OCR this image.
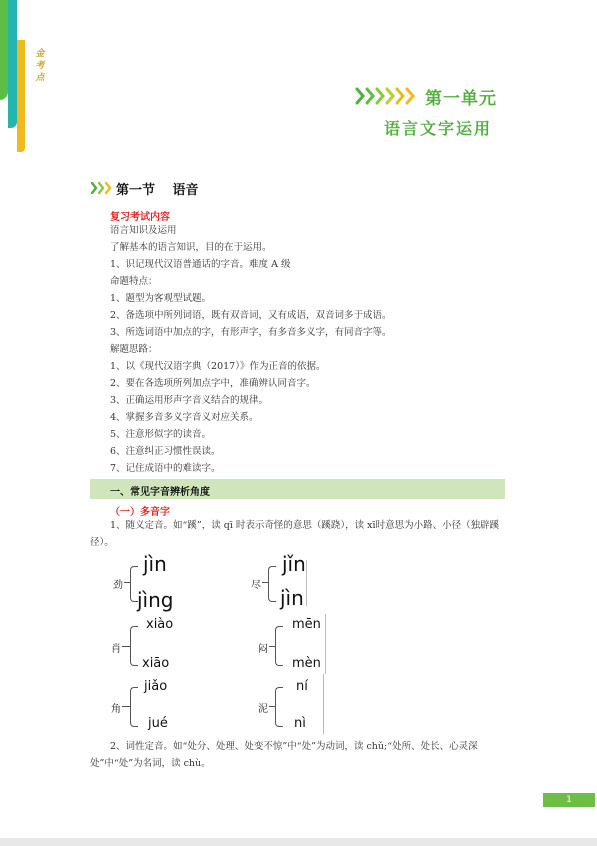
金考点
第一单元
语言文字运用
第一节　 语音
复习考试内容
语言知识及运用
了解基本的语言知识，目的在于运用。
1、识记现代汉语普通话的字音。难度 A 级
命题特点：
1、题型为客观型试题。
2、备选项中所列词语，既有双音词，又有成语，双音词多于成语。
3、所选词语中加点的字，有形声字，有多音多义字，有同音字等。
解题思路：
1、以《现代汉语字典（2017）》作为正音的依据。
2、要在各选项所列加点字中，准确辨认同音字。
3、正确运用形声字音义结合的规律。
4、掌握多音多义字音义对应关系。
5、注意形似字的读音。
6、注意纠正习惯性误读。
7、记住成语中的难读字。
一、常见字音辨析角度
（一）多音字
1、随义定音。如“蹊”，读 qī 时表示奇怪的意思（蹊跷），读 xī时意思为小路、小径（独辟蹊径）。
劲
jìn
jìng
尽
jǐn
jìn
肖
xiào
xiāo
闷
mēn
mèn
角
jiǎo
jué
泥
ní
nì
2、词性定音。如“处分、处理、处变不惊”中“处”为动词，读 chǔ;“处所、处长、心灵深处”中“处”为名词，读 chù。
1
